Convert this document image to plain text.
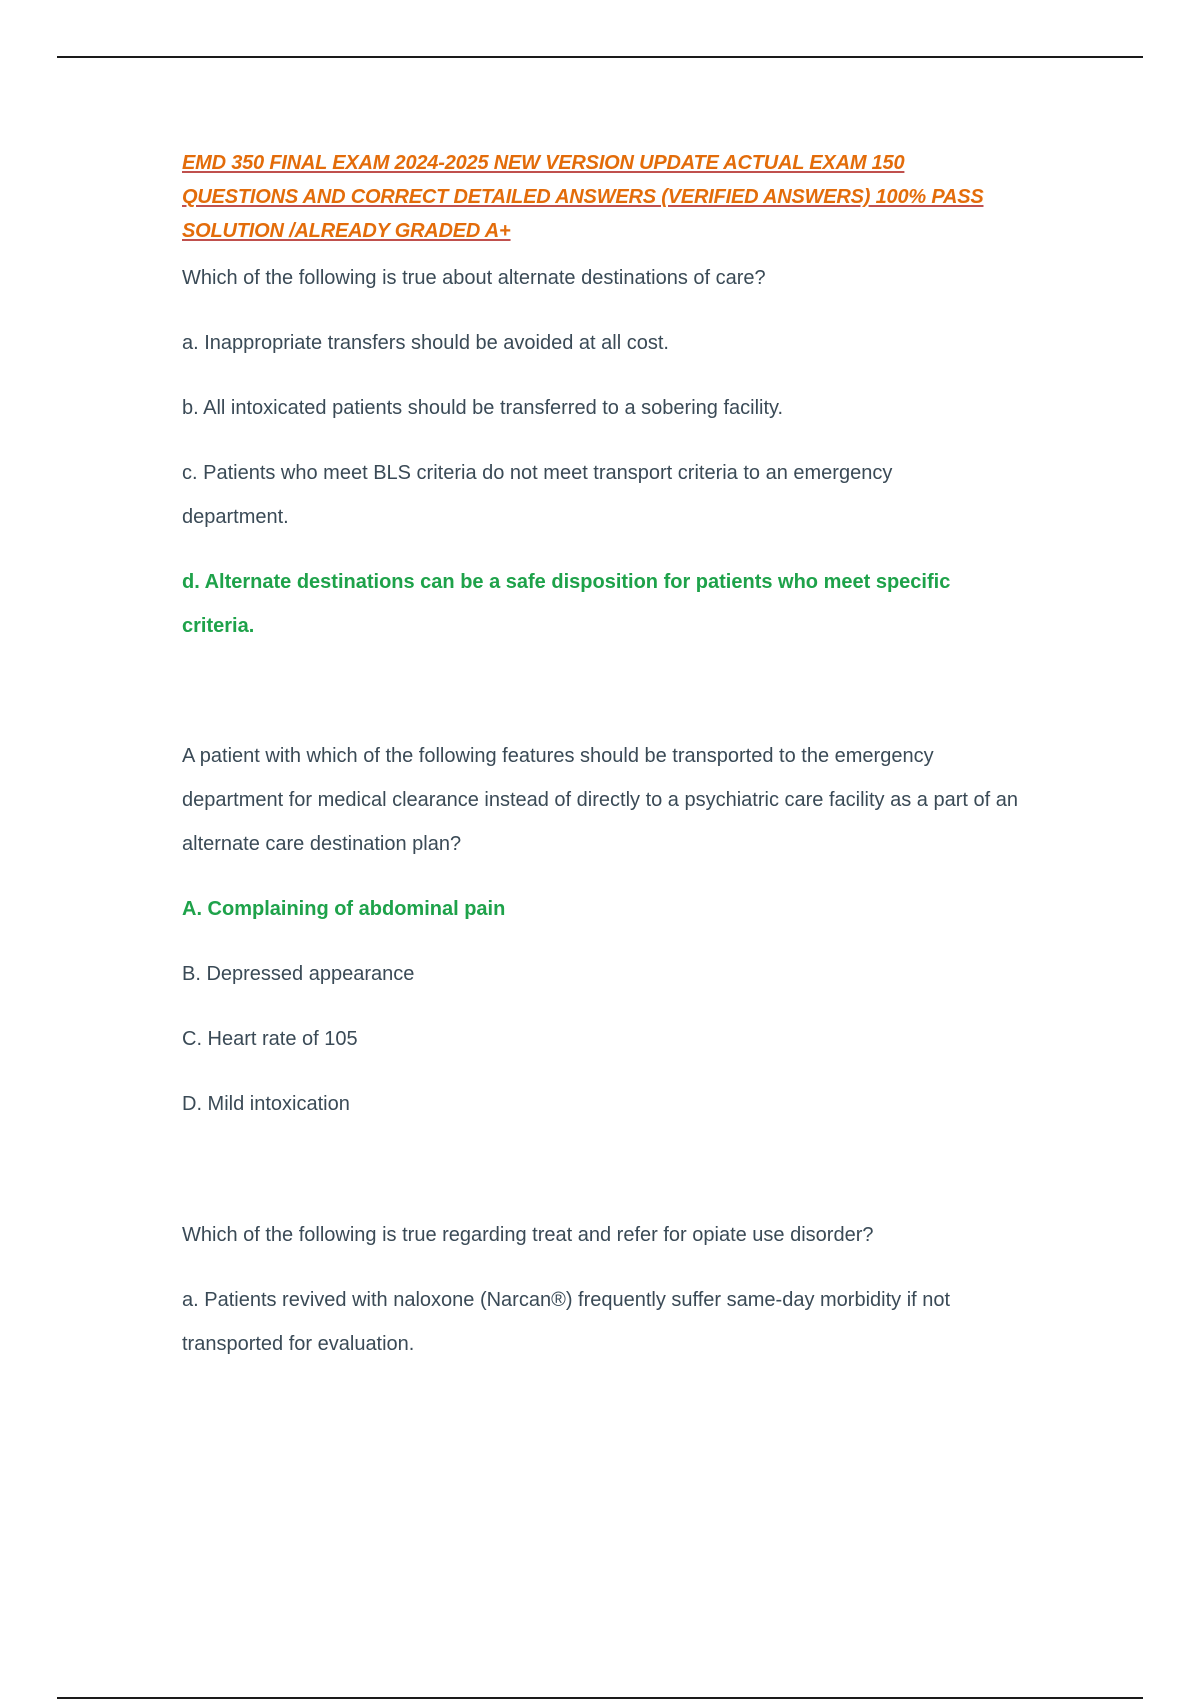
EMD 350 FINAL EXAM 2024-2025 NEW VERSION UPDATE ACTUAL EXAM 150
QUESTIONS AND CORRECT DETAILED ANSWERS (VERIFIED ANSWERS) 100% PASS
SOLUTION /ALREADY GRADED A+

Which of the following is true about alternate destinations of care?

a. Inappropriate transfers should be avoided at all cost.

b. All intoxicated patients should be transferred to a sobering facility.

c. Patients who meet BLS criteria do not meet transport criteria to an emergency department.

d. Alternate destinations can be a safe disposition for patients who meet specific criteria.

A patient with which of the following features should be transported to the emergency department for medical clearance instead of directly to a psychiatric care facility as a part of an alternate care destination plan?

A. Complaining of abdominal pain

B. Depressed appearance

C. Heart rate of 105

D. Mild intoxication

Which of the following is true regarding treat and refer for opiate use disorder?

a. Patients revived with naloxone (Narcan®) frequently suffer same-day morbidity if not transported for evaluation.
